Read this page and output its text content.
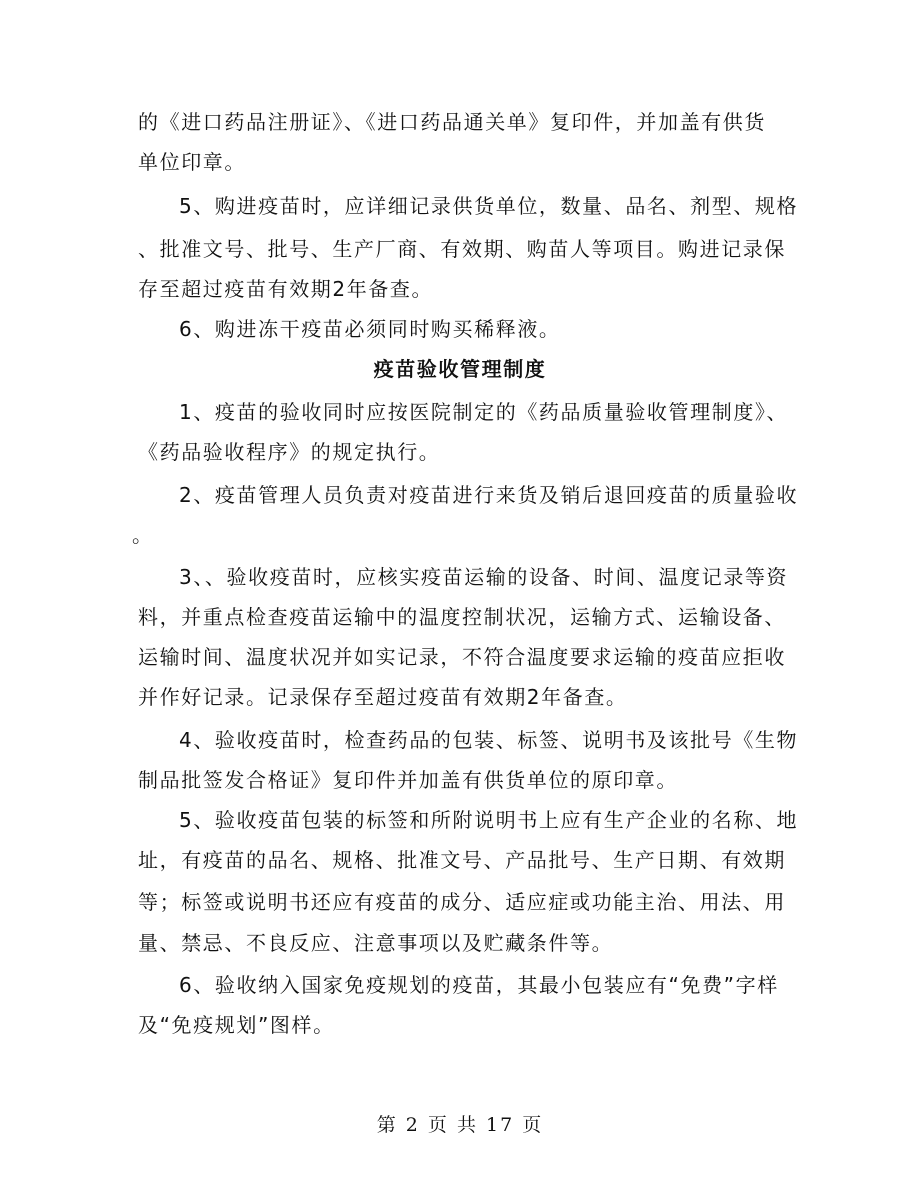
的《进口药品注册证》、《进口药品通关单》复印件，并加盖有供货
单位印章。
5、购进疫苗时，应详细记录供货单位，数量、品名、剂型、规格
、批准文号、批号、生产厂商、有效期、购苗人等项目。购进记录保
存至超过疫苗有效期2年备查。
6、购进冻干疫苗必须同时购买稀释液。
疫苗验收管理制度
1、疫苗的验收同时应按医院制定的《药品质量验收管理制度》、
《药品验收程序》的规定执行。
2、疫苗管理人员负责对疫苗进行来货及销后退回疫苗的质量验收
。
3、、验收疫苗时，应核实疫苗运输的设备、时间、温度记录等资
料，并重点检查疫苗运输中的温度控制状况，运输方式、运输设备、
运输时间、温度状况并如实记录，不符合温度要求运输的疫苗应拒收
并作好记录。记录保存至超过疫苗有效期2年备查。
4、验收疫苗时，检查药品的包装、标签、说明书及该批号《生物
制品批签发合格证》复印件并加盖有供货单位的原印章。
5、验收疫苗包装的标签和所附说明书上应有生产企业的名称、地
址，有疫苗的品名、规格、批准文号、产品批号、生产日期、有效期
等；标签或说明书还应有疫苗的成分、适应症或功能主治、用法、用
量、禁忌、不良反应、注意事项以及贮藏条件等。
6、验收纳入国家免疫规划的疫苗，其最小包装应有“免费”字样
及“免疫规划”图样。
第 2 页 共 17 页
